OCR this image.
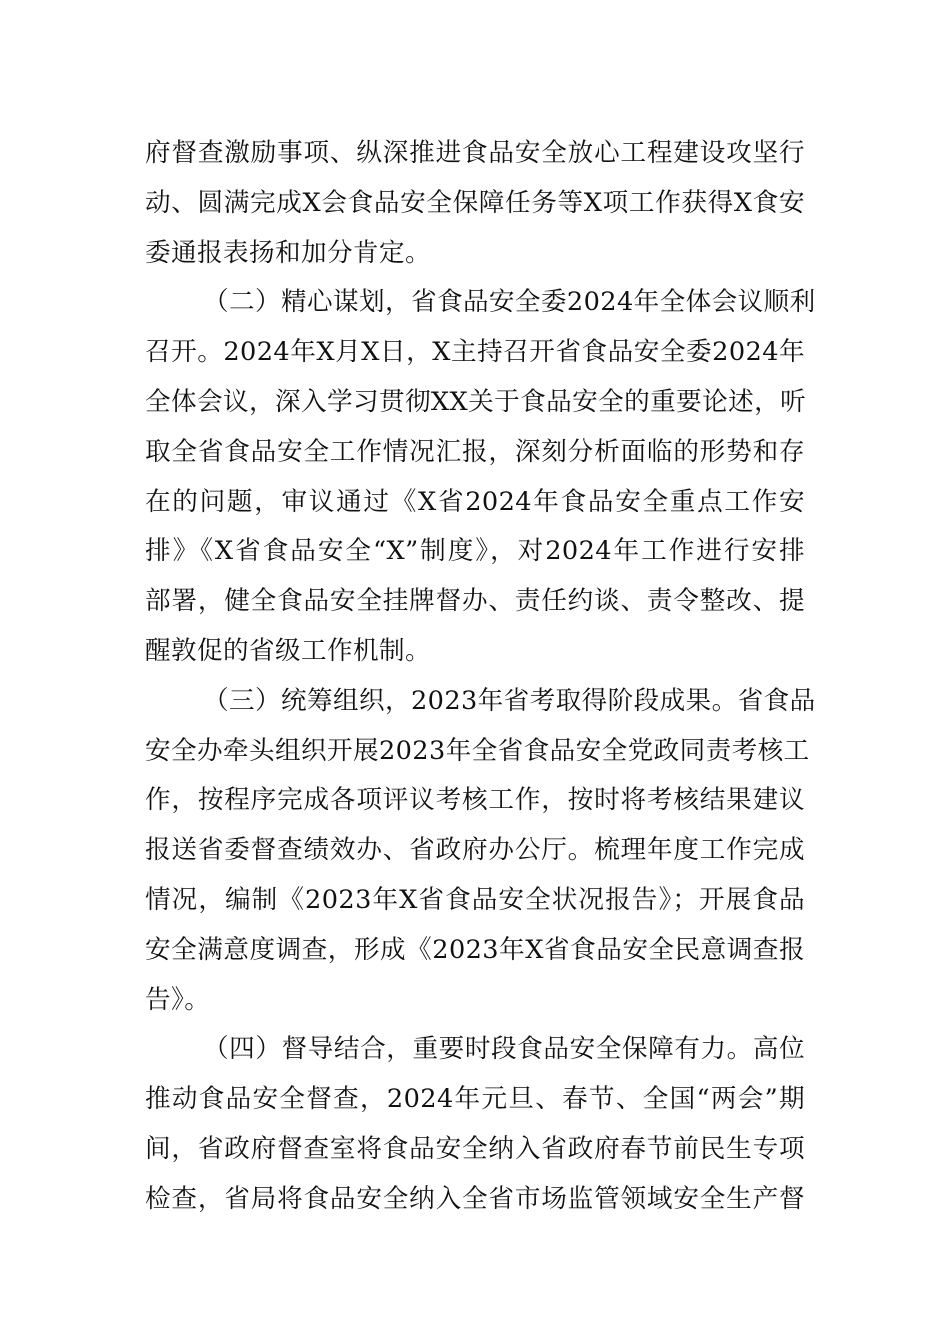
府督查激励事项、纵深推进食品安全放心工程建设攻坚行
动、圆满完成X会食品安全保障任务等X项工作获得X食安
委通报表扬和加分肯定。
（二）精心谋划，省食品安全委2024年全体会议顺利
召开。2024年X月X日，X主持召开省食品安全委2024年
全体会议，深入学习贯彻XX关于食品安全的重要论述，听
取全省食品安全工作情况汇报，深刻分析面临的形势和存
在的问题，审议通过《X省2024年食品安全重点工作安
排》《X省食品安全“X”制度》，对2024年工作进行安排
部署，健全食品安全挂牌督办、责任约谈、责令整改、提
醒敦促的省级工作机制。
（三）统筹组织，2023年省考取得阶段成果。省食品
安全办牵头组织开展2023年全省食品安全党政同责考核工
作，按程序完成各项评议考核工作，按时将考核结果建议
报送省委督查绩效办、省政府办公厅。梳理年度工作完成
情况，编制《2023年X省食品安全状况报告》；开展食品
安全满意度调查，形成《2023年X省食品安全民意调查报
告》。
（四）督导结合，重要时段食品安全保障有力。高位
推动食品安全督查，2024年元旦、春节、全国“两会”期
间，省政府督查室将食品安全纳入省政府春节前民生专项
检查，省局将食品安全纳入全省市场监管领域安全生产督
